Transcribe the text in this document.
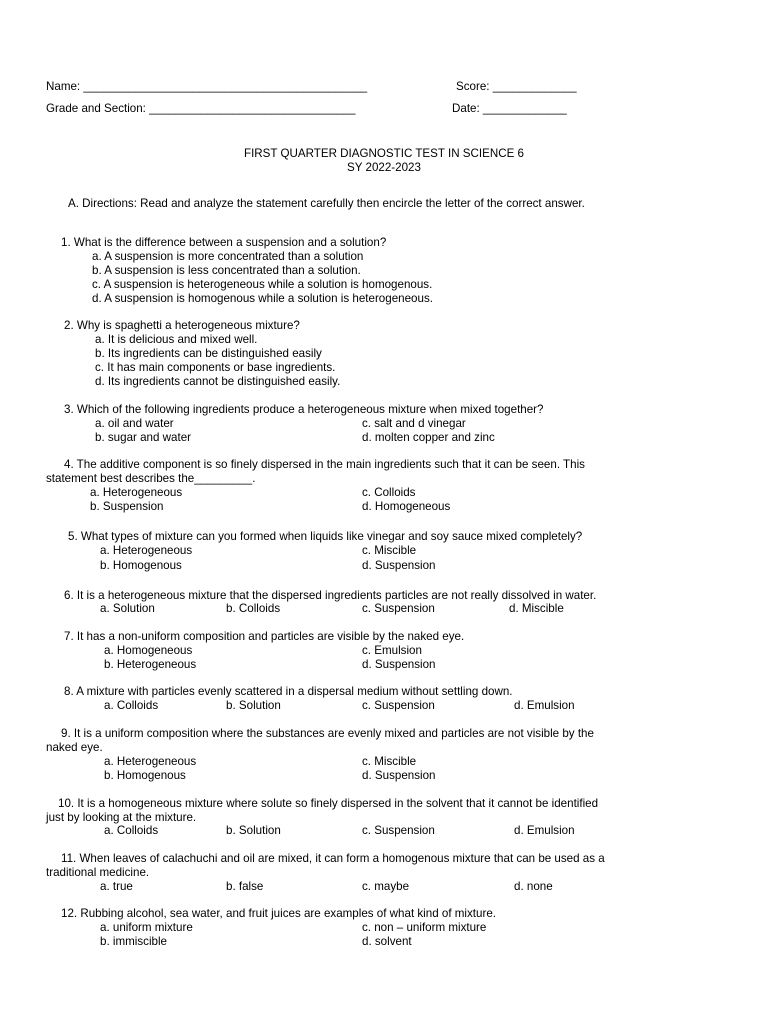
Name: ____________________________________________	Score: _____________
Grade and Section: ________________________________	Date: _____________
FIRST QUARTER DIAGNOSTIC TEST IN SCIENCE 6
SY 2022-2023
A. Directions: Read and analyze the statement carefully then encircle the letter of the correct answer.
1. What is the difference between a suspension and a solution?
a. A suspension is more concentrated than a solution
b. A suspension is less concentrated than a solution.
c. A suspension is heterogeneous while a solution is homogenous.
d. A suspension is homogenous while a solution is heterogeneous.
2. Why is spaghetti a heterogeneous mixture?
a. It is delicious and mixed well.
b. Its ingredients can be distinguished easily
c. It has main components or base ingredients.
d. Its ingredients cannot be distinguished easily.
3. Which of the following ingredients produce a heterogeneous mixture when mixed together?
a. oil and water	c. salt and d vinegar
b. sugar and water	d. molten copper and zinc
4. The additive component is so finely dispersed in the main ingredients such that it can be seen. This
statement best describes the_________.
a. Heterogeneous	c. Colloids
b. Suspension	d. Homogeneous
5. What types of mixture can you formed when liquids like vinegar and soy sauce mixed completely?
a. Heterogeneous	c. Miscible
b. Homogenous	d. Suspension
6. It is a heterogeneous mixture that the dispersed ingredients particles are not really dissolved in water.
a. Solution	b. Colloids	c. Suspension	d. Miscible
7. It has a non-uniform composition and particles are visible by the naked eye.
a. Homogeneous	c. Emulsion
b. Heterogeneous	d. Suspension
8. A mixture with particles evenly scattered in a dispersal medium without settling down.
a. Colloids	b. Solution	c. Suspension	d. Emulsion
9. It is a uniform composition where the substances are evenly mixed and particles are not visible by the
naked eye.
a. Heterogeneous	c. Miscible
b. Homogenous	d. Suspension
10. It is a homogeneous mixture where solute so finely dispersed in the solvent that it cannot be identified
just by looking at the mixture.
a. Colloids	b. Solution	c. Suspension	d. Emulsion
11. When leaves of calachuchi and oil are mixed, it can form a homogenous mixture that can be used as a
traditional medicine.
a. true	b. false	c. maybe	d. none
12. Rubbing alcohol, sea water, and fruit juices are examples of what kind of mixture.
a. uniform mixture	c. non – uniform mixture
b. immiscible	d. solvent
